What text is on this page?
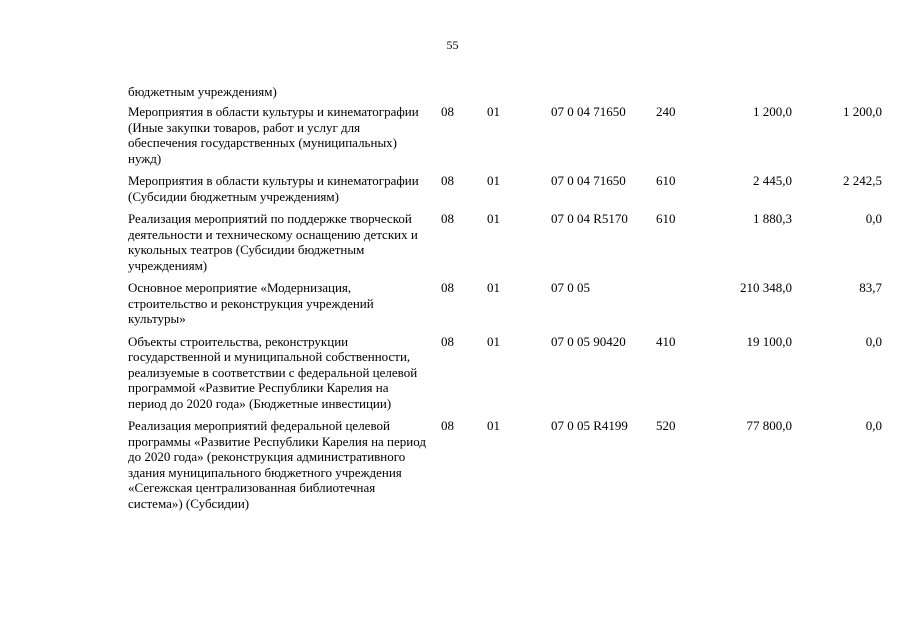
55
бюджетным учреждениям)
Мероприятия в области культуры и кинематографии (Иные закупки товаров, работ и услуг для обеспечения государственных (муниципальных) нужд)
08	01	07 0 04 71650 240	1 200,0	1 200,0
Мероприятия в области культуры и кинематографии (Субсидии бюджетным учреждениям)
08	01	07 0 04 71650 610	2 445,0	2 242,5
Реализация мероприятий по поддержке творческой деятельности и техническому оснащению детских и кукольных театров (Субсидии бюджетным учреждениям)
08	01	07 0 04 R5170 610	1 880,3	0,0
Основное мероприятие «Модернизация, строительство и реконструкция учреждений культуры»
08	01	07 0 05	210 348,0	83,7
Объекты строительства, реконструкции государственной и муниципальной собственности, реализуемые в соответствии с федеральной целевой программой «Развитие Республики Карелия на период до 2020 года» (Бюджетные инвестиции)
08	01	07 0 05 90420 410	19 100,0	0,0
Реализация мероприятий федеральной целевой программы «Развитие Республики Карелия на период до 2020 года» (реконструкция административного здания муниципального бюджетного учреждения «Сегежская централизованная библиотечная система») (Субсидии)
08	01	07 0 05 R4199 520	77 800,0	0,0
